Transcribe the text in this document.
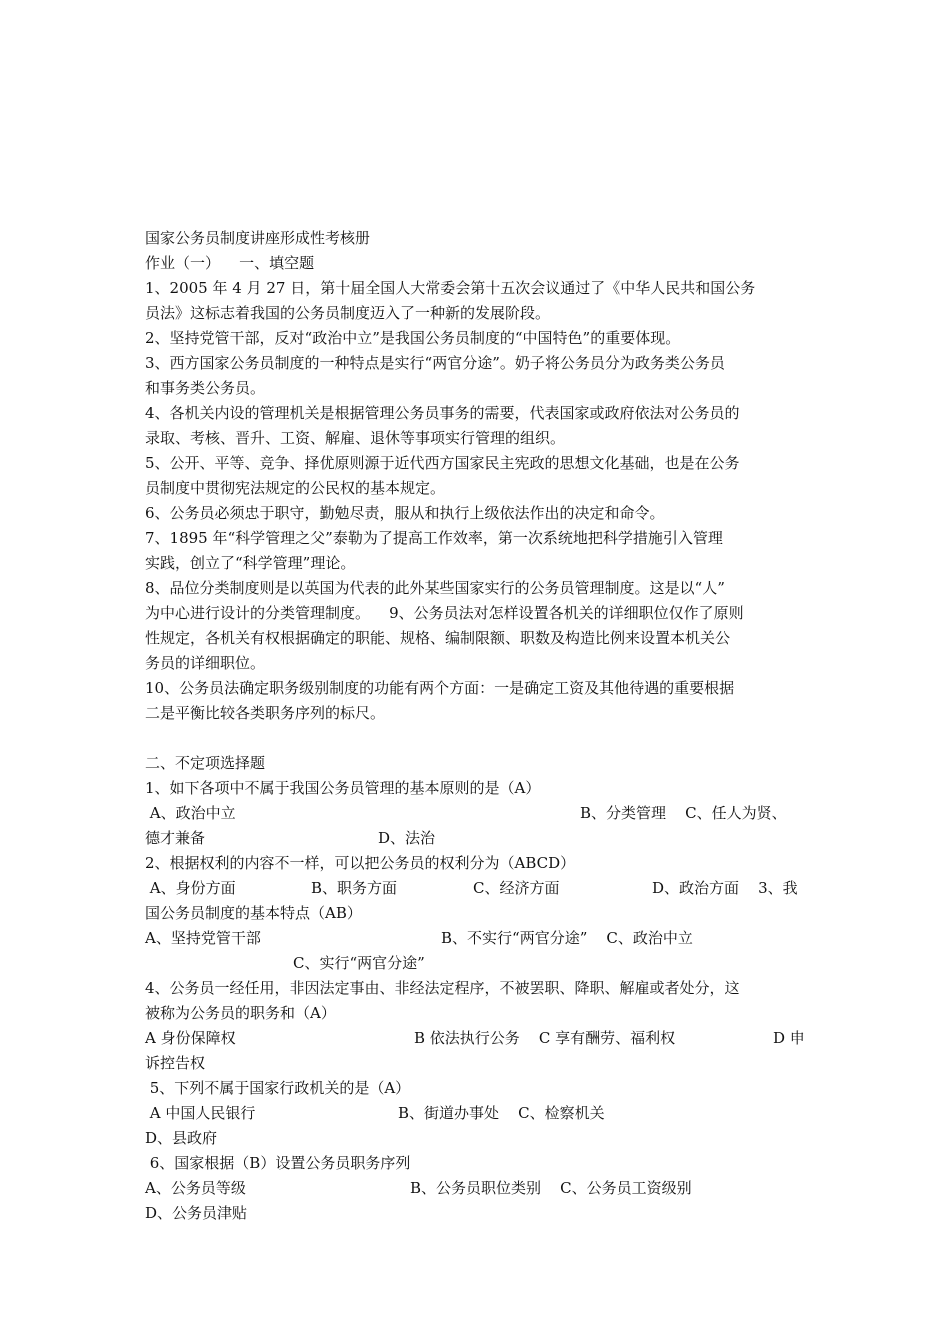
国家公务员制度讲座形成性考核册
作业（一）    一、填空题
1、2005 年 4 月 27 日，第十届全国人大常委会第十五次会议通过了《中华人民共和国公务
员法》这标志着我国的公务员制度迈入了一种新的发展阶段。
2、坚持党管干部，反对“政治中立”是我国公务员制度的“中国特色”的重要体现。
3、西方国家公务员制度的一种特点是实行“两官分途”。奶子将公务员分为政务类公务员
和事务类公务员。
4、各机关内设的管理机关是根据管理公务员事务的需要，代表国家或政府依法对公务员的
录取、考核、晋升、工资、解雇、退休等事项实行管理的组织。
5、公开、平等、竞争、择优原则源于近代西方国家民主宪政的思想文化基础，也是在公务
员制度中贯彻宪法规定的公民权的基本规定。
6、公务员必须忠于职守，勤勉尽责，服从和执行上级依法作出的决定和命令。
7、1895 年“科学管理之父”泰勒为了提高工作效率，第一次系统地把科学措施引入管理
实践，创立了“科学管理”理论。
8、品位分类制度则是以英国为代表的此外某些国家实行的公务员管理制度。这是以“人”
为中心进行设计的分类管理制度。    9、公务员法对怎样设置各机关的详细职位仅作了原则
性规定，各机关有权根据确定的职能、规格、编制限额、职数及构造比例来设置本机关公
务员的详细职位。
10、公务员法确定职务级别制度的功能有两个方面：一是确定工资及其他待遇的重要根据
二是平衡比较各类职务序列的标尺。
二、不定项选择题
1、如下各项中不属于我国公务员管理的基本原则的是（A）
A、政治中立	B、分类管理    C、任人为贤、
德才兼备	D、法治
2、根据权利的内容不一样，可以把公务员的权利分为（ABCD）
A、身份方面	B、职务方面	C、经济方面	D、政治方面    3、我
国公务员制度的基本特点（AB）
A、坚持党管干部	B、不实行“两官分途”    C、政治中立
C、实行“两官分途”
4、公务员一经任用，非因法定事由、非经法定程序，不被罢职、降职、解雇或者处分，这
被称为公务员的职务和（A）
A 身份保障权	B 依法执行公务    C 享有酬劳、福利权	D 申
诉控告权
5、下列不属于国家行政机关的是（A）
A 中国人民银行	B、街道办事处    C、检察机关
D、县政府
6、国家根据（B）设置公务员职务序列
A、公务员等级	B、公务员职位类别    C、公务员工资级别
D、公务员津贴
